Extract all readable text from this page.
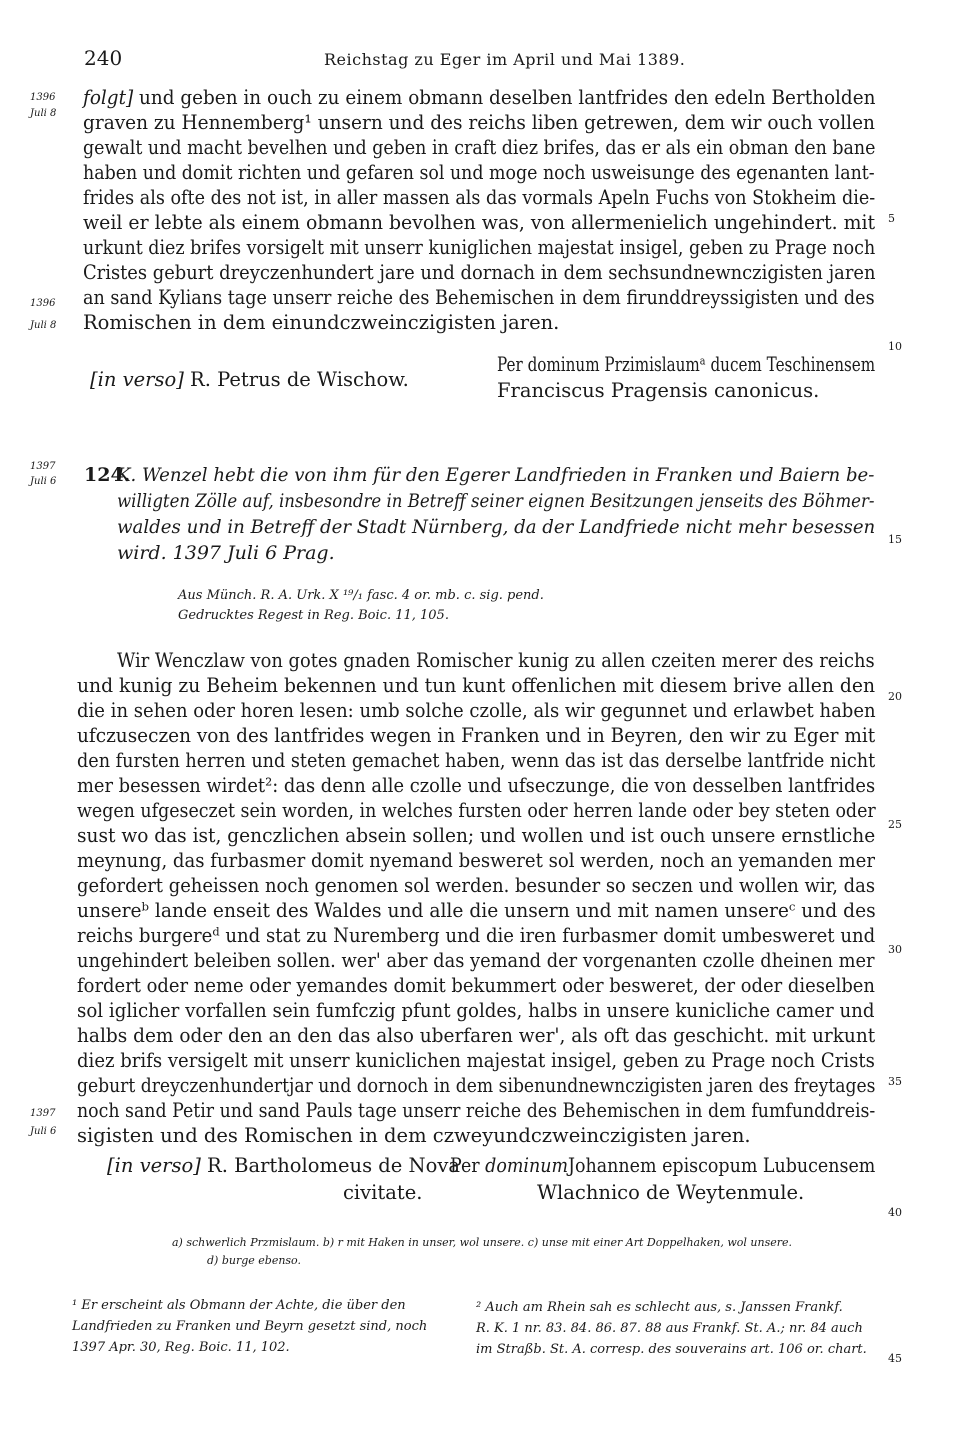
240	Reichstag zu Eger im April und Mai 1389.
1396
Juli 8
1396
Juli 8
1397
Juli 6
1397
Juli 6
5
10
15
20
25
30
35
40
45
folgt] und geben in ouch zu einem obmann deselben lantfrides den edeln Bertholden
graven zu Hennemberg¹ unsern und des reichs liben getrewen, dem wir ouch vollen
gewalt und macht bevelhen und geben in craft diez brifes, das er als ein obman den bane
haben und domit richten und gefaren sol und moge noch usweisunge des egenanten lant-
frides als ofte des not ist, in aller massen als das vormals Apeln Fuchs von Stokheim die-
weil er lebte als einem obmann bevolhen was, von allermenielich ungehindert. mit
urkunt diez brifes vorsigelt mit unserr kuniglichen majestat insigel, geben zu Prage noch
Cristes geburt dreyczenhundert jare und dornach in dem sechsundnewnczigisten jaren
an sand Kylians tage unserr reiche des Behemischen in dem firunddreyssigisten und des
Romischen in dem einundczweinczigisten jaren.
[in verso] R. Petrus de Wischow.
Per dominum Przimislaumᵃ ducem Teschinensem
Franciscus Pragensis canonicus.
124.
K. Wenzel hebt die von ihm für den Egerer Landfrieden in Franken und Baiern be-
willigten Zölle auf, insbesondre in Betreff seiner eignen Besitzungen jenseits des Böhmer-
waldes und in Betreff der Stadt Nürnberg, da der Landfriede nicht mehr besessen
wird. 1397 Juli 6 Prag.
Aus Münch. R. A. Urk. X ¹⁹/₁ fasc. 4 or. mb. c. sig. pend.
Gedrucktes Regest in Reg. Boic. 11, 105.
Wir Wenczlaw von gotes gnaden Romischer kunig zu allen czeiten merer des reichs
und kunig zu Beheim bekennen und tun kunt offenlichen mit diesem brive allen den
die in sehen oder horen lesen: umb solche czolle, als wir gegunnet und erlawbet haben
ufczuseczen von des lantfrides wegen in Franken und in Beyren, den wir zu Eger mit
den fursten herren und steten gemachet haben, wenn das ist das derselbe lantfride nicht
mer besessen wirdet²: das denn alle czolle und ufseczunge, die von desselben lantfrides
wegen ufgeseczet sein worden, in welches fursten oder herren lande oder bey steten oder
sust wo das ist, genczlichen absein sollen; und wollen und ist ouch unsere ernstliche
meynung, das furbasmer domit nyemand besweret sol werden, noch an yemanden mer
gefordert geheissen noch genomen sol werden. besunder so seczen und wollen wir, das
unsereᵇ lande enseit des Waldes und alle die unsern und mit namen unsereᶜ und des
reichs burgereᵈ und stat zu Nuremberg und die iren furbasmer domit umbesweret und
ungehindert beleiben sollen. wer' aber das yemand der vorgenanten czolle dheinen mer
fordert oder neme oder yemandes domit bekummert oder besweret, der oder dieselben
sol iglicher vorfallen sein fumfczig pfunt goldes, halbs in unsere kunicliche camer und
halbs dem oder den an den das also uberfaren wer', als oft das geschicht. mit urkunt
diez brifs versigelt mit unserr kuniclichen majestat insigel, geben zu Prage noch Crists
geburt dreyczenhundertjar und dornoch in dem sibenundnewnczigisten jaren des freytages
noch sand Petir und sand Pauls tage unserr reiche des Behemischen in dem fumfunddreis-
sigisten und des Romischen in dem czweyundczweinczigisten jaren.
[in verso] R. Bartholomeus de Nova
civitate.
Per dominumJohannem episcopum Lubucensem
Wlachnico de Weytenmule.
a) schwerlich Przmislaum. b) r mit Haken in unser, wol unsere. c) unse mit einer Art Doppelhaken, wol unsere.
d) burge ebenso.
¹ Er erscheint als Obmann der Achte, die über den
Landfrieden zu Franken und Beyrn gesetzt sind, noch
1397 Apr. 30, Reg. Boic. 11, 102.
² Auch am Rhein sah es schlecht aus, s. Janssen Frankf.
R. K. 1 nr. 83. 84. 86. 87. 88 aus Frankf. St. A.; nr. 84 auch
im Straßb. St. A. corresp. des souverains art. 106 or. chart.
